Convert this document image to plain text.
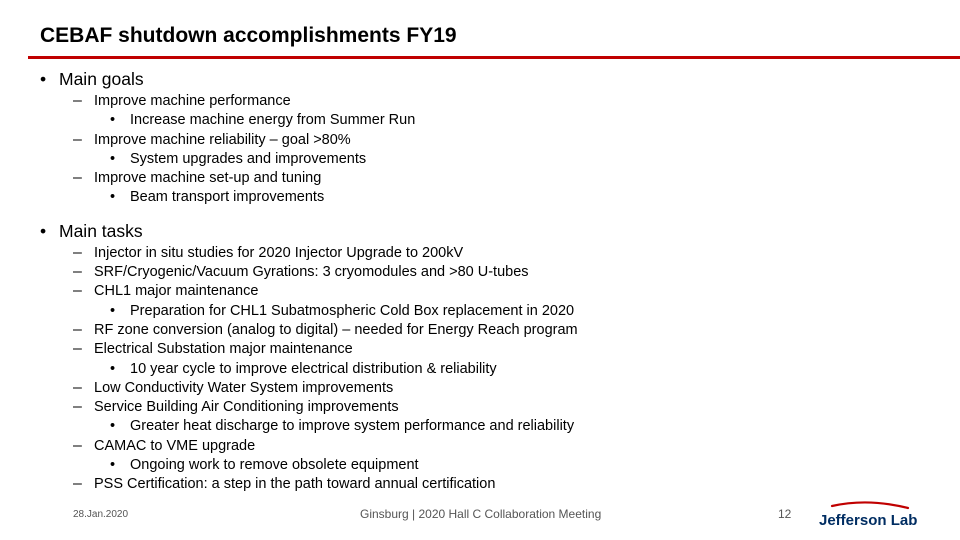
CEBAF shutdown accomplishments FY19
• Main goals
– Improve machine performance
• Increase machine energy from Summer Run
– Improve machine reliability – goal >80%
• System upgrades and improvements
– Improve machine set-up and tuning
• Beam transport improvements
• Main tasks
– Injector in situ studies for 2020 Injector Upgrade to 200kV
– SRF/Cryogenic/Vacuum Gyrations: 3 cryomodules and >80 U-tubes
– CHL1 major maintenance
• Preparation for CHL1 Subatmospheric Cold Box replacement in 2020
– RF zone conversion (analog to digital) – needed for Energy Reach program
– Electrical Substation major maintenance
• 10 year cycle to improve electrical distribution & reliability
– Low Conductivity Water System improvements
– Service Building Air Conditioning improvements
• Greater heat discharge to improve system performance and reliability
– CAMAC to VME upgrade
• Ongoing work to remove obsolete equipment
– PSS Certification: a step in the path toward annual certification
28.Jan.2020	Ginsburg | 2020 Hall C Collaboration Meeting	12 Jefferson Lab
